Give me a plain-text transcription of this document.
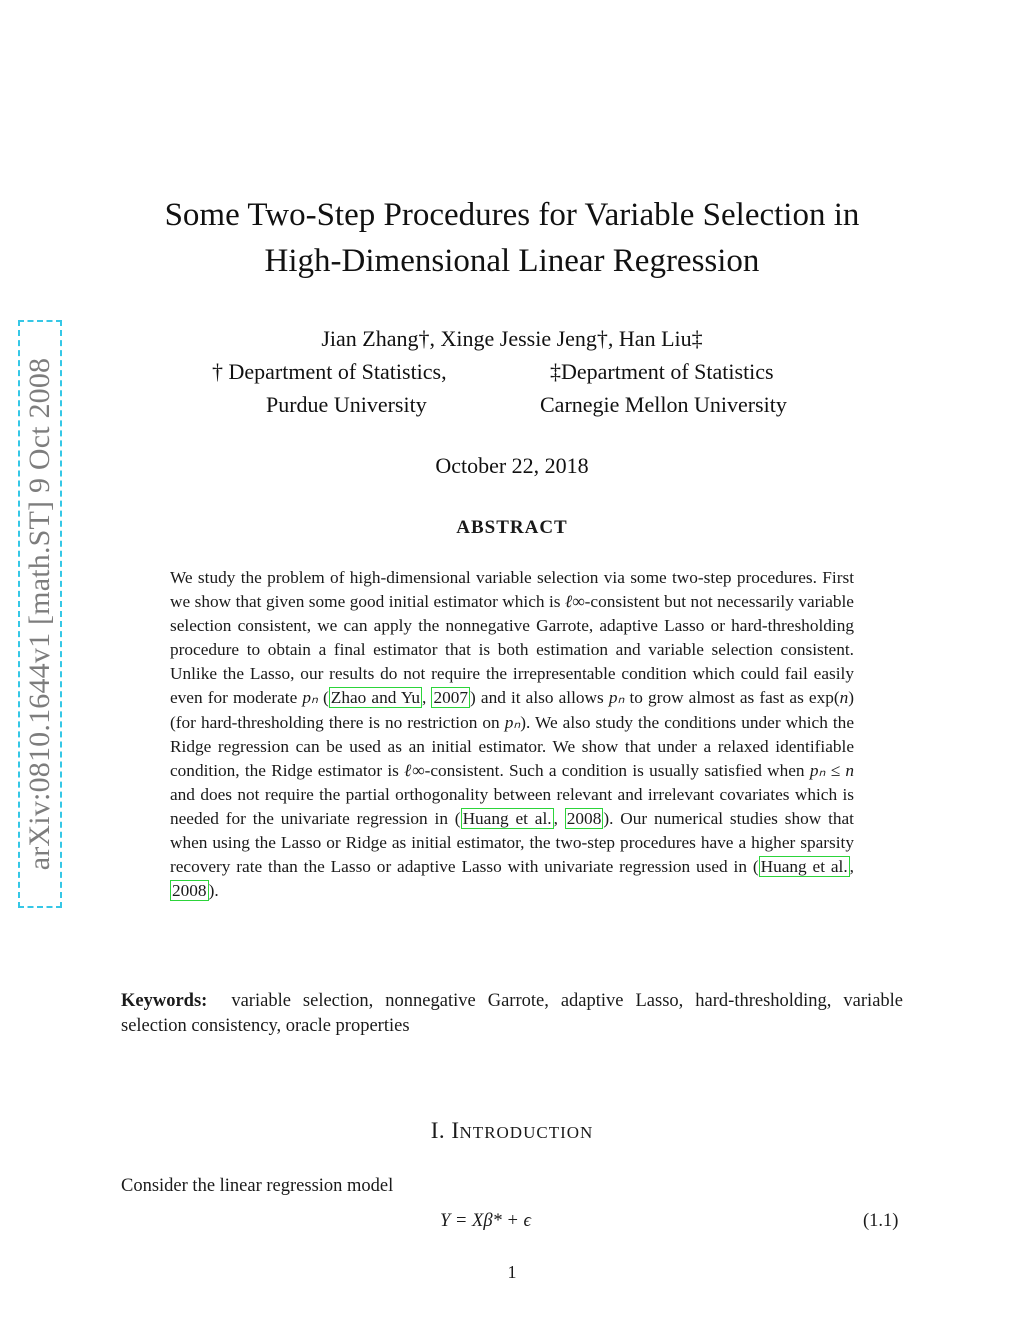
arXiv:0810.1644v1 [math.ST] 9 Oct 2008
Some Two-Step Procedures for Variable Selection in
High-Dimensional Linear Regression
Jian Zhang†, Xinge Jessie Jeng†, Han Liu‡
† Department of Statistics,
Purdue University
‡Department of Statistics
Carnegie Mellon University
October 22, 2018
ABSTRACT
We study the problem of high-dimensional variable selection via some two-step procedures. First we show that given some good initial estimator which is ℓ∞-consistent but not necessarily variable selection consistent, we can apply the nonnegative Garrote, adaptive Lasso or hard-thresholding procedure to obtain a final estimator that is both estimation and variable selection consistent. Unlike the Lasso, our results do not require the irrepresentable condition which could fail easily even for moderate pₙ ( Zhao and Yu , 2007 ) and it also allows pₙ to grow almost as fast as exp(n) (for hard-thresholding there is no restriction on pₙ). We also study the conditions under which the Ridge regression can be used as an initial estimator. We show that under a relaxed identifiable condition, the Ridge estimator is ℓ∞-consistent. Such a condition is usually satisfied when pₙ ≤ n and does not require the partial orthogonality between relevant and irrelevant covariates which is needed for the univariate regression in ( Huang et al. , 2008 ). Our numerical studies show that when using the Lasso or Ridge as initial estimator, the two-step procedures have a higher sparsity recovery rate than the Lasso or adaptive Lasso with univariate regression used in ( Huang et al. , 2008 ).
Keywords: variable selection, nonnegative Garrote, adaptive Lasso, hard-thresholding, variable selection consistency, oracle properties
I. INTRODUCTION
Consider the linear regression model
Y = Xβ* + ϵ	(1.1)
1
